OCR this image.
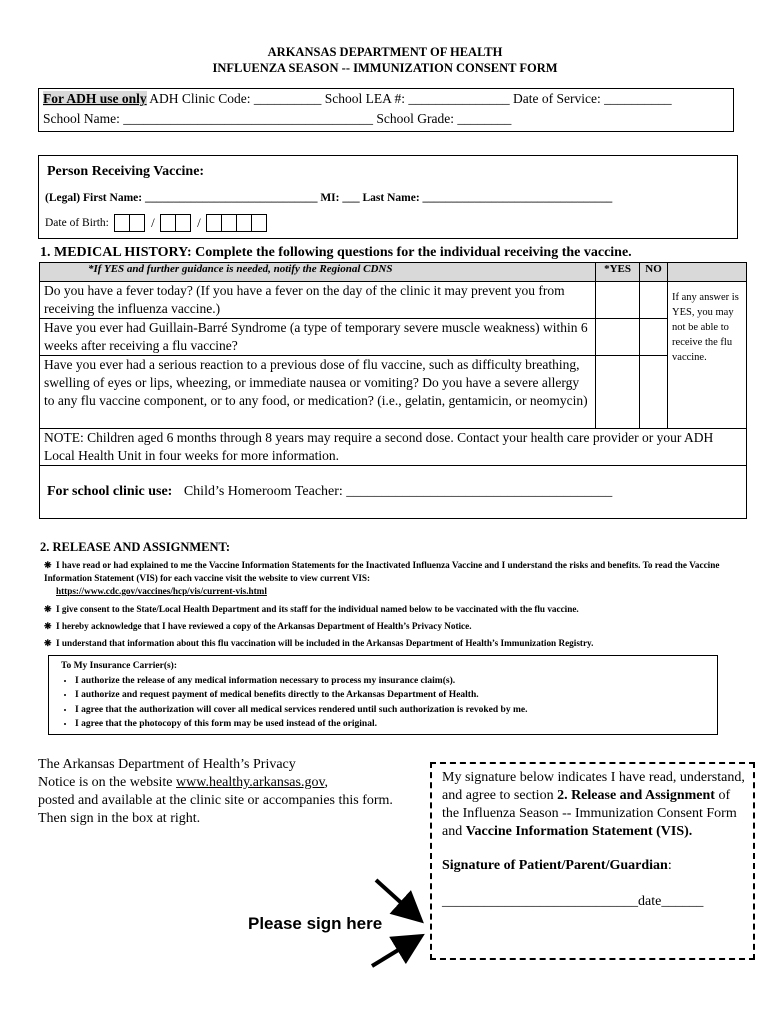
ARKANSAS DEPARTMENT OF HEALTH
INFLUENZA SEASON -- IMMUNIZATION CONSENT FORM
For ADH use only ADH Clinic Code: __________ School LEA #: _______________ Date of Service: __________
School Name: _____________________________________ School Grade: ________
Person Receiving Vaccine:
(Legal) First Name: ______________________________ MI: ___ Last Name: _________________________________
Date of Birth:	/	/
1. MEDICAL HISTORY: Complete the following questions for the individual receiving the vaccine.
*If YES and further guidance is needed, notify the Regional CDNS	*YES	NO	
Do you have a fever today? (If you have a fever on the day of the clinic it may prevent you from receiving the influenza vaccine.)			If any answer is YES, you may not be able to receive the flu vaccine.
Have you ever had Guillain-Barré Syndrome (a type of temporary severe muscle weakness) within 6 weeks after receiving a flu vaccine?			
Have you ever had a serious reaction to a previous dose of flu vaccine, such as difficulty breathing, swelling of eyes or lips, wheezing, or immediate nausea or vomiting? Do you have a severe allergy to any flu vaccine component, or to any food, or medication? (i.e., gelatin, gentamicin, or neomycin)			
NOTE: Children aged 6 months through 8 years may require a second dose. Contact your health care provider or your ADH Local Health Unit in four weeks for more information.			
For school clinic use: Child’s Homeroom Teacher: ______________________________________			
2. RELEASE AND ASSIGNMENT:
❋ I have read or had explained to me the Vaccine Information Statements for the Inactivated Influenza Vaccine and I understand the risks and benefits. To read the Vaccine Information Statement (VIS) for each vaccine visit the website to view current VIS:
https://www.cdc.gov/vaccines/hcp/vis/current-vis.html
❋ I give consent to the State/Local Health Department and its staff for the individual named below to be vaccinated with the flu vaccine.
❋ I hereby acknowledge that I have reviewed a copy of the Arkansas Department of Health’s Privacy Notice.
❋ I understand that information about this flu vaccination will be included in the Arkansas Department of Health’s Immunization Registry.
To My Insurance Carrier(s):
• I authorize the release of any medical information necessary to process my insurance claim(s).
• I authorize and request payment of medical benefits directly to the Arkansas Department of Health.
• I agree that the authorization will cover all medical services rendered until such authorization is revoked by me.
• I agree that the photocopy of this form may be used instead of the original.
The Arkansas Department of Health’s Privacy
Notice is on the website www.healthy.arkansas.gov,
posted and available at the clinic site or accompanies this form.
Then sign in the box at right.
My signature below indicates I have read, understand, and agree to section 2. Release and Assignment of the Influenza Season -- Immunization Consent Form and Vaccine Information Statement (VIS).
Signature of Patient/Parent/Guardian:
____________________________date______
Please sign here
